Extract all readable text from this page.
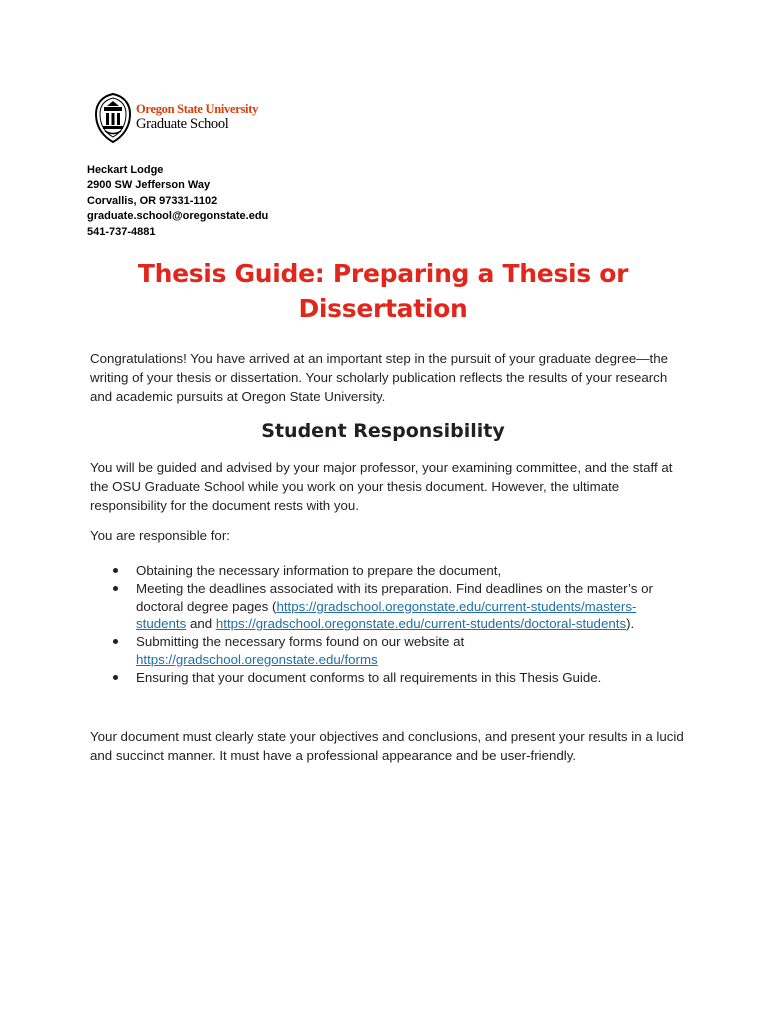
Oregon State University
Graduate School
Heckart Lodge
2900 SW Jefferson Way
Corvallis, OR 97331-1102
graduate.school@oregonstate.edu
541-737-4881
Thesis Guide: Preparing a Thesis or
Dissertation
Congratulations! You have arrived at an important step in the pursuit of your graduate degree—the writing of your thesis or dissertation. Your scholarly publication reflects the results of your research and academic pursuits at Oregon State University.
Student Responsibility
You will be guided and advised by your major professor, your examining committee, and the staff at the OSU Graduate School while you work on your thesis document. However, the ultimate responsibility for the document rests with you.
You are responsible for:
Obtaining the necessary information to prepare the document,
Meeting the deadlines associated with its preparation. Find deadlines on the master’s or doctoral degree pages (https://gradschool.oregonstate.edu/current-students/masters-students and https://gradschool.oregonstate.edu/current-students/doctoral-students).
Submitting the necessary forms found on our website at https://gradschool.oregonstate.edu/forms
Ensuring that your document conforms to all requirements in this Thesis Guide.
Your document must clearly state your objectives and conclusions, and present your results in a lucid and succinct manner. It must have a professional appearance and be user-friendly.
